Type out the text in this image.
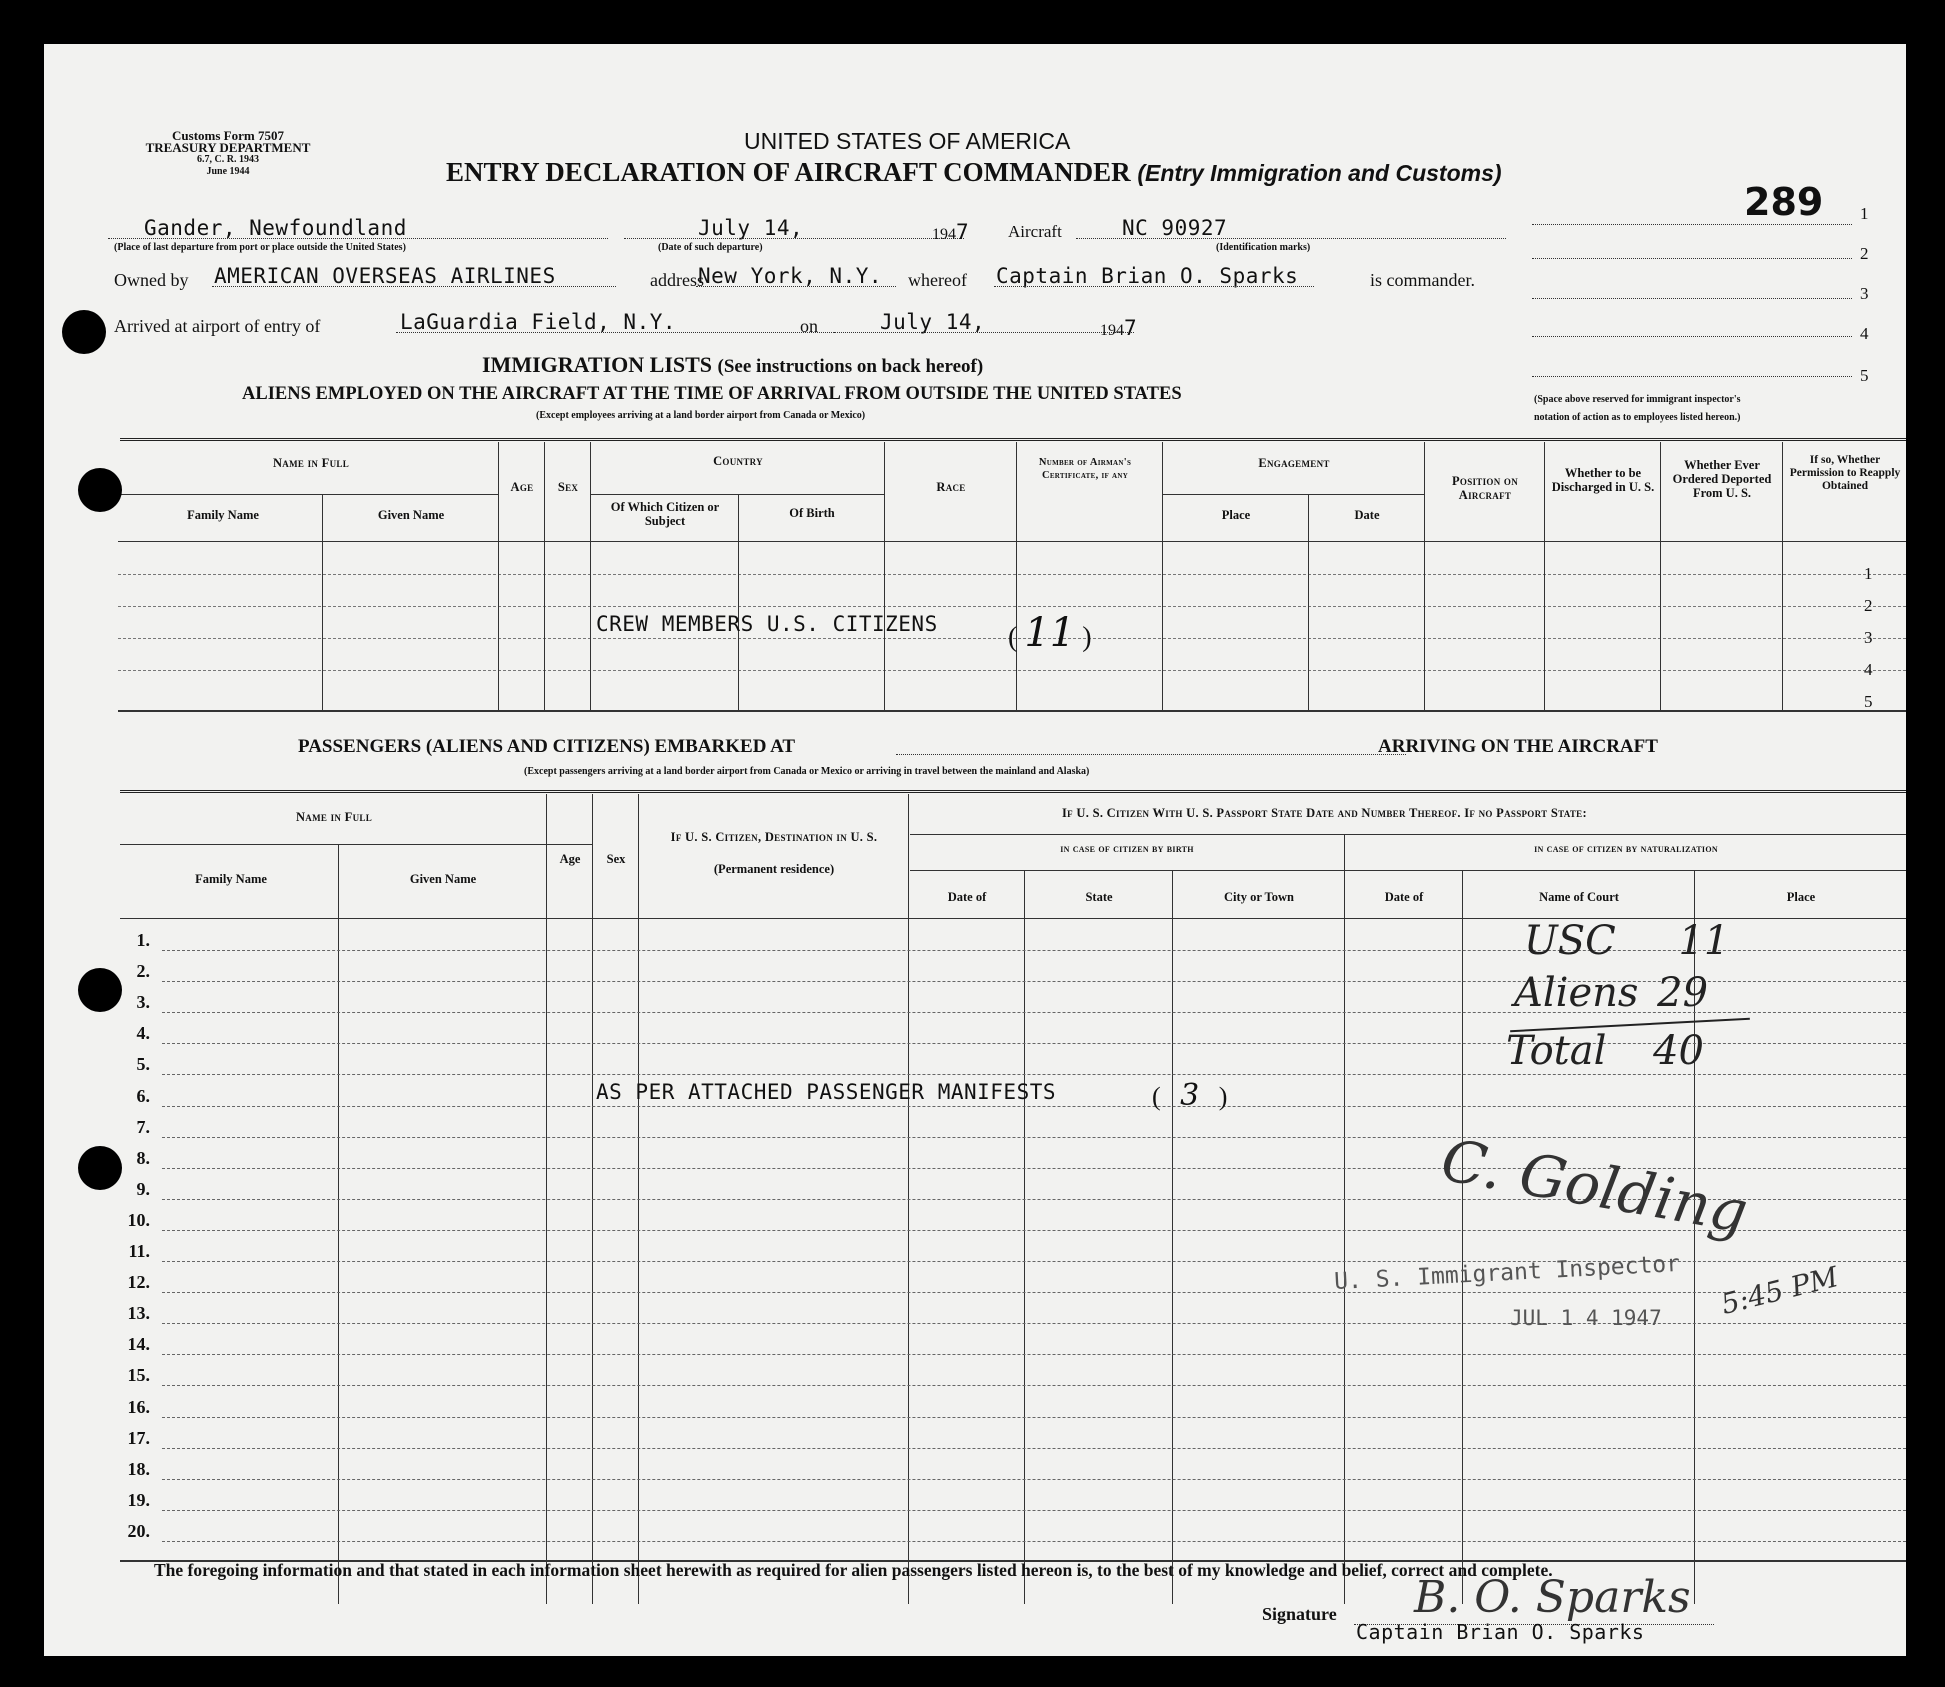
Customs Form 7507
TREASURY DEPARTMENT
6.7, C. R. 1943
June 1944
UNITED STATES OF AMERICA
ENTRY DECLARATION OF AIRCRAFT COMMANDER (Entry Immigration and Customs)
289
Gander, Newfoundland
(Place of last departure from port or place outside the United States)
July 14,
(Date of such departure)
1947 Aircraft	NC 90927
(Identification marks)
Owned by AMERICAN OVERSEAS AIRLINES	address
New York, N.Y. whereof Captain Brian O. Sparks	is commander.
Arrived at airport of entry of	LaGuardia Field, N.Y.	on	July 14,	1947
1
2
3
4
5
(Space above reserved for immigrant inspector's
notation of action as to employees listed hereon.)
IMMIGRATION LISTS (See instructions on back hereof)
ALIENS EMPLOYED ON THE AIRCRAFT AT THE TIME OF ARRIVAL FROM OUTSIDE THE UNITED STATES
(Except employees arriving at a land border airport from Canada or Mexico)
Name in Full
Family Name	Given Name
Age	Sex
Country
Of Which Citizen or Subject
Of Birth
Race
Number of Airman's Certificate, if any
Engagement
Place	Date
Position on Aircraft
Whether to be Discharged in U. S.
Whether Ever Ordered Deported From U. S.
If so, Whether Permission to Reapply Obtained
1
2
3
4
5
CREW MEMBERS U.S. CITIZENS	( 11 )
PASSENGERS (ALIENS AND CITIZENS) EMBARKED AT	ARRIVING ON THE AIRCRAFT
(Except passengers arriving at a land border airport from Canada or Mexico or arriving in travel between the mainland and Alaska)
Name in Full
Family Name	Given Name
Age	Sex
If U. S. Citizen, Destination in U. S.
(Permanent residence)
If U. S. Citizen With U. S. Passport State Date and Number Thereof. If no Passport State:
in case of citizen by birth	in case of citizen by naturalization
Date of	State	City or Town	Date of	Name of Court	Place
1.
2.
3.
4.
5.
6.
7.
8.
9.
10.
11.
12.
13.
14.
15.
16.
17.
18.
19.
20.
AS PER ATTACHED PASSENGER MANIFESTS	(   3   )
USC 11
Aliens 29
Total 40
C. Golding
U. S. Immigrant Inspector
JUL 1 4 1947 5:45 PM
The foregoing information and that stated in each information sheet herewith as required for alien passengers listed hereon is, to the best of my knowledge and belief, correct and complete.
Signature B. O. Sparks
Captain Brian O. Sparks
